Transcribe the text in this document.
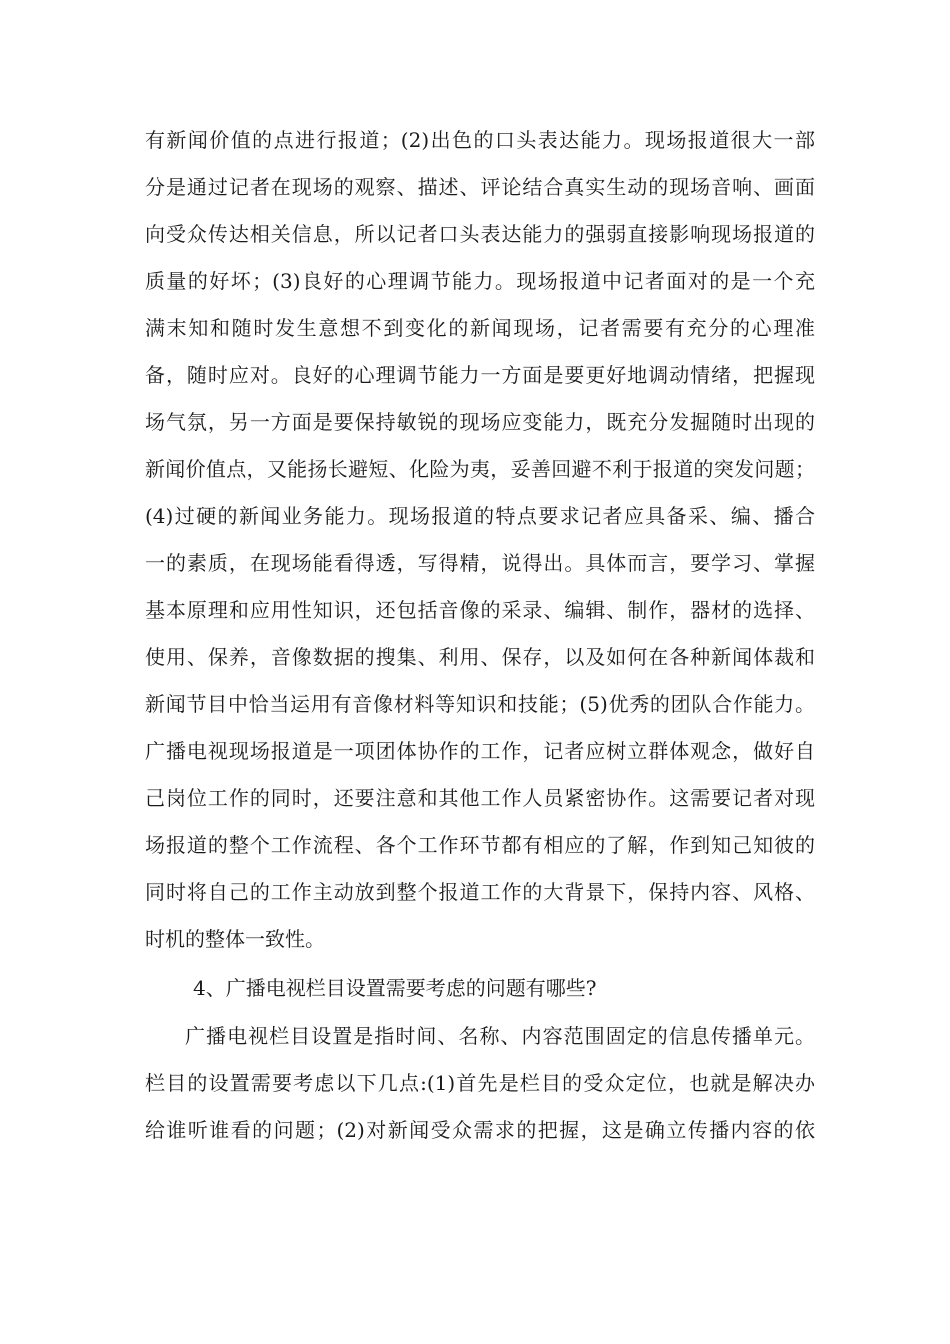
有新闻价值的点进行报道；(2)出色的口头表达能力。现场报道很大一部
分是通过记者在现场的观察、描述、评论结合真实生动的现场音响、画面
向受众传达相关信息，所以记者口头表达能力的强弱直接影响现场报道的
质量的好坏；(3)良好的心理调节能力。现场报道中记者面对的是一个充
满末知和随时发生意想不到变化的新闻现场，记者需要有充分的心理准
备，随时应对。良好的心理调节能力一方面是要更好地调动情绪，把握现
场气氛，另一方面是要保持敏锐的现场应变能力，既充分发掘随时出现的
新闻价值点，又能扬长避短、化险为夷，妥善回避不利于报道的突发问题；
(4)过硬的新闻业务能力。现场报道的特点要求记者应具备采、编、播合
一的素质，在现场能看得透，写得精，说得出。具体而言，要学习、掌握
基本原理和应用性知识，还包括音像的采录、编辑、制作，器材的选择、
使用、保养，音像数据的搜集、利用、保存，以及如何在各种新闻体裁和
新闻节目中恰当运用有音像材料等知识和技能；(5)优秀的团队合作能力。
广播电视现场报道是一项团体协作的工作，记者应树立群体观念，做好自
己岗位工作的同时，还要注意和其他工作人员紧密协作。这需要记者对现
场报道的整个工作流程、各个工作环节都有相应的了解，作到知己知彼的
同时将自己的工作主动放到整个报道工作的大背景下，保持内容、风格、
时机的整体一致性。
4、广播电视栏目设置需要考虑的问题有哪些?
广播电视栏目设置是指时间、名称、内容范围固定的信息传播单元。
栏目的设置需要考虑以下几点:(1)首先是栏目的受众定位，也就是解决办
给谁听谁看的问题；(2)对新闻受众需求的把握，这是确立传播内容的依
